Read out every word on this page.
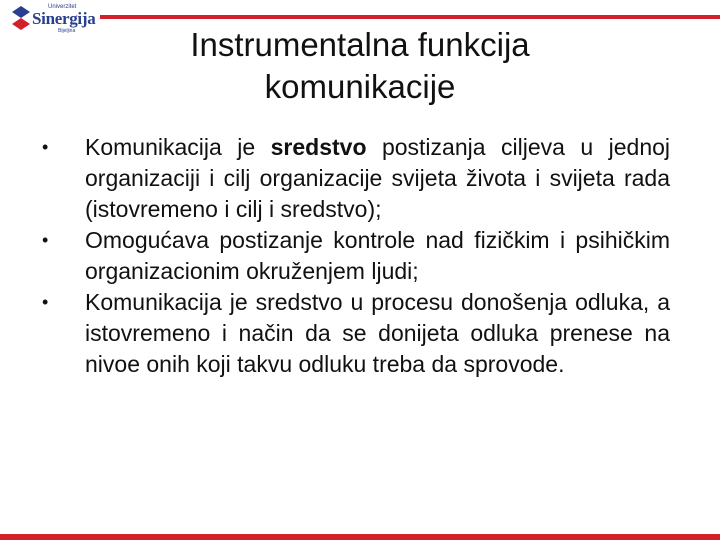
Univerzitet
Sinergija
Bijeljina	Instrumentalna funkcija
komunikacije
• Komunikacija je sredstvo postizanja ciljeva u jednoj organizaciji i cilj organizacije svijeta života i svijeta rada (istovremeno i cilj i sredstvo);
• Omogućava postizanje kontrole nad fizičkim i psihičkim organizacionim okruženjem ljudi;
• Komunikacija je sredstvo u procesu donošenja odluka, a istovremeno i način da se donijeta odluka prenese na nivoe onih koji takvu odluku treba da sprovode.
